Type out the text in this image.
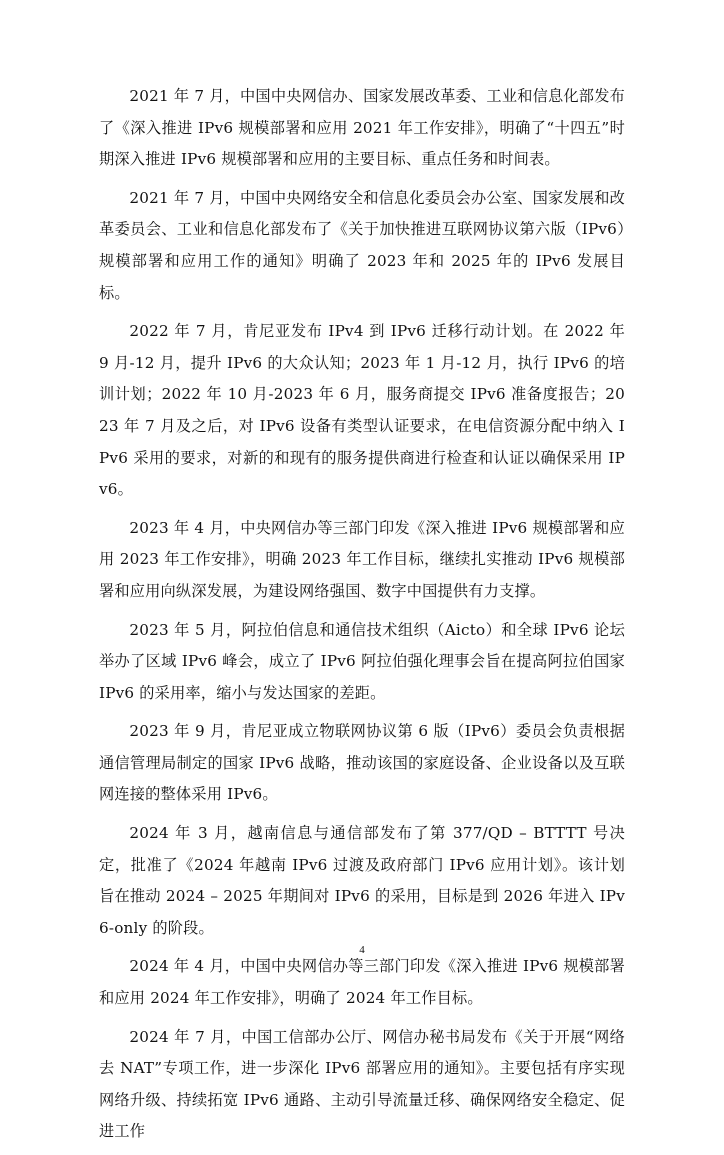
2021 年 7 月，中国中央网信办、国家发展改革委、工业和信息化部发布了《深入推进 IPv6 规模部署和应用 2021 年工作安排》，明确了“十四五”时期深入推进 IPv6 规模部署和应用的主要目标、重点任务和时间表。

2021 年 7 月，中国中央网络安全和信息化委员会办公室、国家发展和改革委员会、工业和信息化部发布了《关于加快推进互联网协议第六版（IPv6）规模部署和应用工作的通知》明确了 2023 年和 2025 年的 IPv6 发展目标。

2022 年 7 月，肯尼亚发布 IPv4 到 IPv6 迁移行动计划。在 2022 年 9 月-12 月，提升 IPv6 的大众认知；2023 年 1 月-12 月，执行 IPv6 的培训计划；2022 年 10 月-2023 年 6 月，服务商提交 IPv6 准备度报告；2023 年 7 月及之后，对 IPv6 设备有类型认证要求，在电信资源分配中纳入 IPv6 采用的要求，对新的和现有的服务提供商进行检查和认证以确保采用 IPv6。

2023 年 4 月，中央网信办等三部门印发《深入推进 IPv6 规模部署和应用 2023 年工作安排》，明确 2023 年工作目标，继续扎实推动 IPv6 规模部署和应用向纵深发展，为建设网络强国、数字中国提供有力支撑。

2023 年 5 月，阿拉伯信息和通信技术组织（Aicto）和全球 IPv6 论坛举办了区域 IPv6 峰会，成立了 IPv6 阿拉伯强化理事会旨在提高阿拉伯国家 IPv6 的采用率，缩小与发达国家的差距。

2023 年 9 月，肯尼亚成立物联网协议第 6 版（IPv6）委员会负责根据通信管理局制定的国家 IPv6 战略，推动该国的家庭设备、企业设备以及互联网连接的整体采用 IPv6。

2024 年 3 月，越南信息与通信部发布了第 377/QD – BTTTT 号决定，批准了《2024 年越南 IPv6 过渡及政府部门 IPv6 应用计划》。该计划旨在推动 2024 – 2025 年期间对 IPv6 的采用，目标是到 2026 年进入 IPv6-only 的阶段。

2024 年 4 月，中国中央网信办等三部门印发《深入推进 IPv6 规模部署和应用 2024 年工作安排》，明确了 2024 年工作目标。

2024 年 7 月，中国工信部办公厅、网信办秘书局发布《关于开展“网络去 NAT”专项工作，进一步深化 IPv6 部署应用的通知》。主要包括有序实现网络升级、持续拓宽 IPv6 通路、主动引导流量迁移、确保网络安全稳定、促进工作

4
